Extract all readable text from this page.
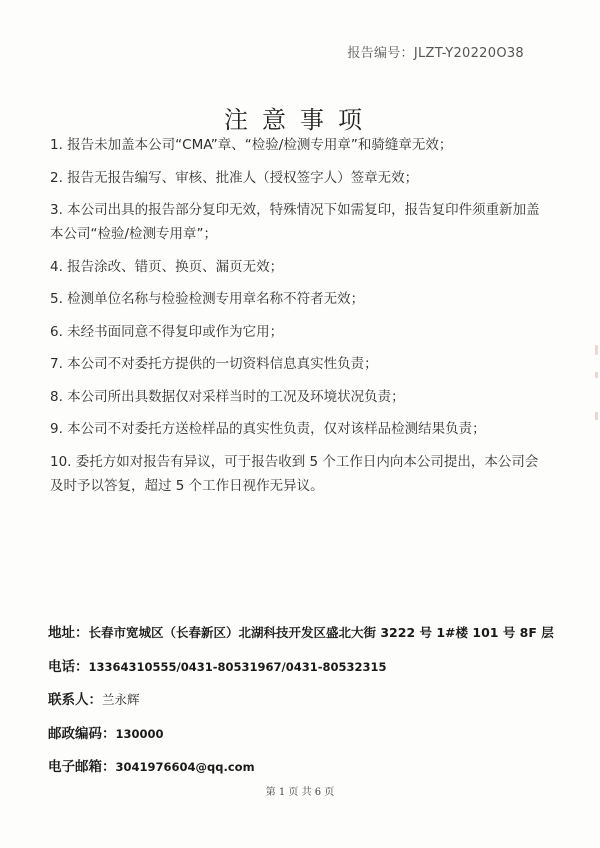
报告编号：JLZT-Y20220O38
注意事项
1. 报告未加盖本公司“CMA”章、“检验/检测专用章”和骑缝章无效；
2. 报告无报告编写、审核、批准人（授权签字人）签章无效；
3. 本公司出具的报告部分复印无效，特殊情况下如需复印，报告复印件须重新加盖本公司“检验/检测专用章”；
4. 报告涂改、错页、换页、漏页无效；
5. 检测单位名称与检验检测专用章名称不符者无效；
6. 未经书面同意不得复印或作为它用；
7. 本公司不对委托方提供的一切资料信息真实性负责；
8. 本公司所出具数据仅对采样当时的工况及环境状况负责；
9. 本公司不对委托方送检样品的真实性负责，仅对该样品检测结果负责；
10. 委托方如对报告有异议，可于报告收到 5 个工作日内向本公司提出，本公司会及时予以答复，超过 5 个工作日视作无异议。
地址：长春市宽城区（长春新区）北湖科技开发区盛北大街 3222 号 1#楼 101 号 8F 层
电话：13364310555/0431-80531967/0431-80532315
联系人：兰永辉
邮政编码：130000
电子邮箱：3041976604@qq.com
第 1 页 共 6 页
